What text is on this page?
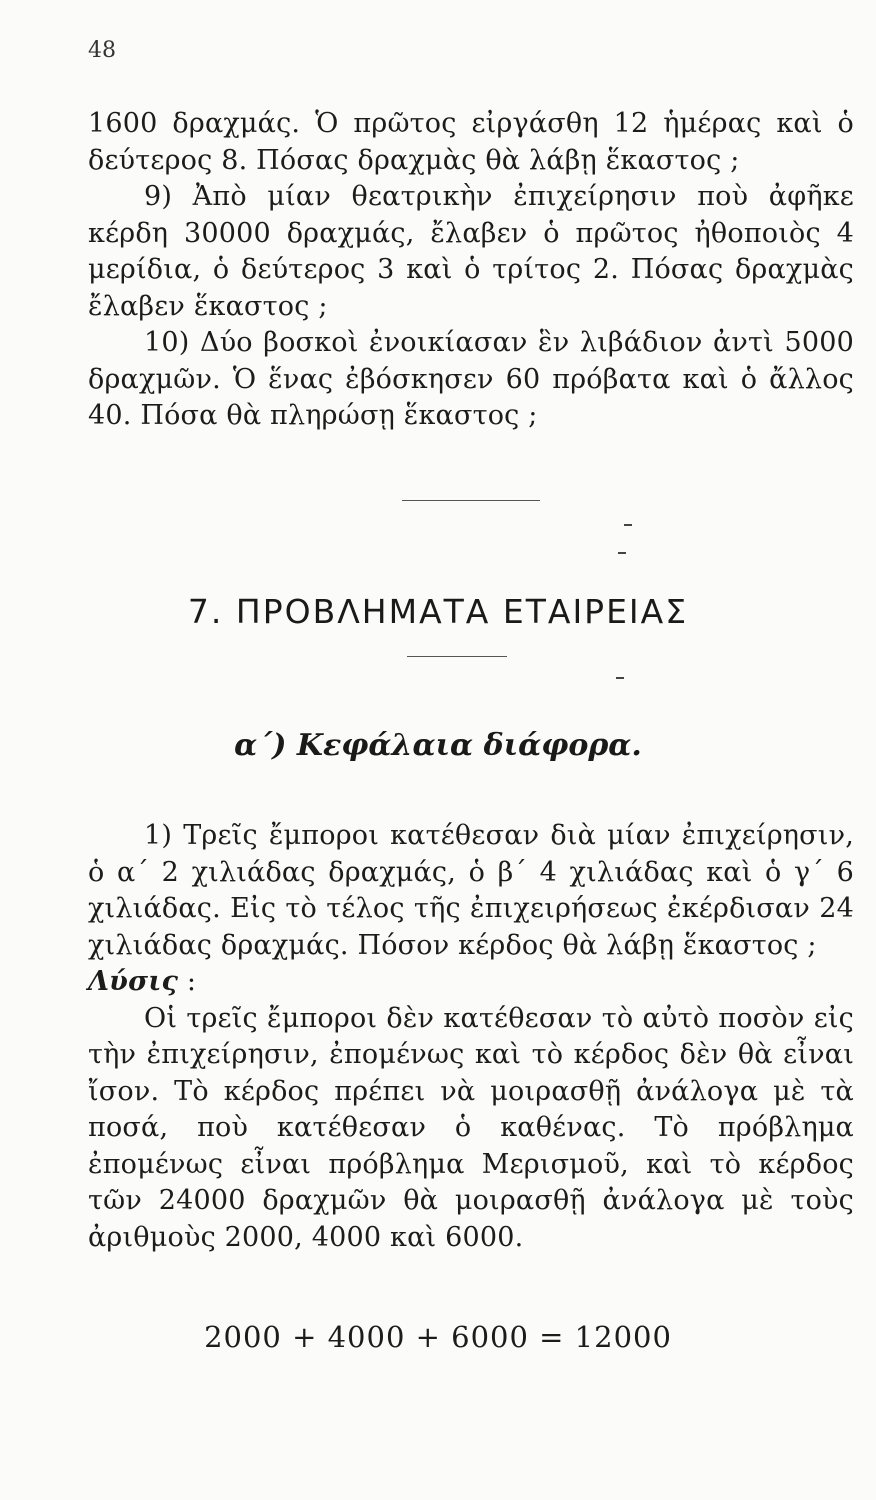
48

1600 δραχμάς. Ὁ πρῶτος εἰργάσθη 12 ἡμέρας καὶ ὁ δεύτερος 8. Πόσας δραχμὰς θὰ λάβῃ ἕκαστος ;

9) Ἀπὸ μίαν θεατρικὴν ἐπιχείρησιν ποὺ ἀφῆκε κέρδη 30000 δραχμάς, ἔλαβεν ὁ πρῶτος ἠθοποιὸς 4 μερίδια, ὁ δεύτερος 3 καὶ ὁ τρίτος 2. Πόσας δραχμὰς ἔλαβεν ἕκαστος ;

10) Δύο βοσκοὶ ἐνοικίασαν ἓν λιβάδιον ἀντὶ 5000 δραχμῶν. Ὁ ἕνας ἐβόσκησεν 60 πρόβατα καὶ ὁ ἄλλος 40. Πόσα θὰ πληρώσῃ ἕκαστος ;

7. ΠΡΟΒΛΗΜΑΤΑ ΕΤΑΙΡΕΙΑΣ
α΄) Κεφάλαια διάφορα.

1) Τρεῖς ἔμποροι κατέθεσαν διὰ μίαν ἐπιχείρησιν, ὁ α΄ 2 χιλιάδας δραχμάς, ὁ β΄ 4 χιλιάδας καὶ ὁ γ΄ 6 χιλιάδας. Εἰς τὸ τέλος τῆς ἐπιχειρήσεως ἐκέρδισαν 24 χιλιάδας δραχμάς. Πόσον κέρδος θὰ λάβῃ ἕκαστος ;

Λύσις :

Οἱ τρεῖς ἔμποροι δὲν κατέθεσαν τὸ αὐτὸ ποσὸν εἰς τὴν ἐπιχείρησιν, ἐπομένως καὶ τὸ κέρδος δὲν θὰ εἶναι ἴσον. Τὸ κέρδος πρέπει νὰ μοιρασθῇ ἀνάλογα μὲ τὰ ποσά, ποὺ κατέθεσαν ὁ καθένας. Τὸ πρόβλημα ἐπομένως εἶναι πρόβλημα Μερισμοῦ, καὶ τὸ κέρδος τῶν 24000 δραχμῶν θὰ μοιρασθῇ ἀνάλογα μὲ τοὺς ἀριθμοὺς 2000, 4000 καὶ 6000.

2000 + 4000 + 6000 = 12000
